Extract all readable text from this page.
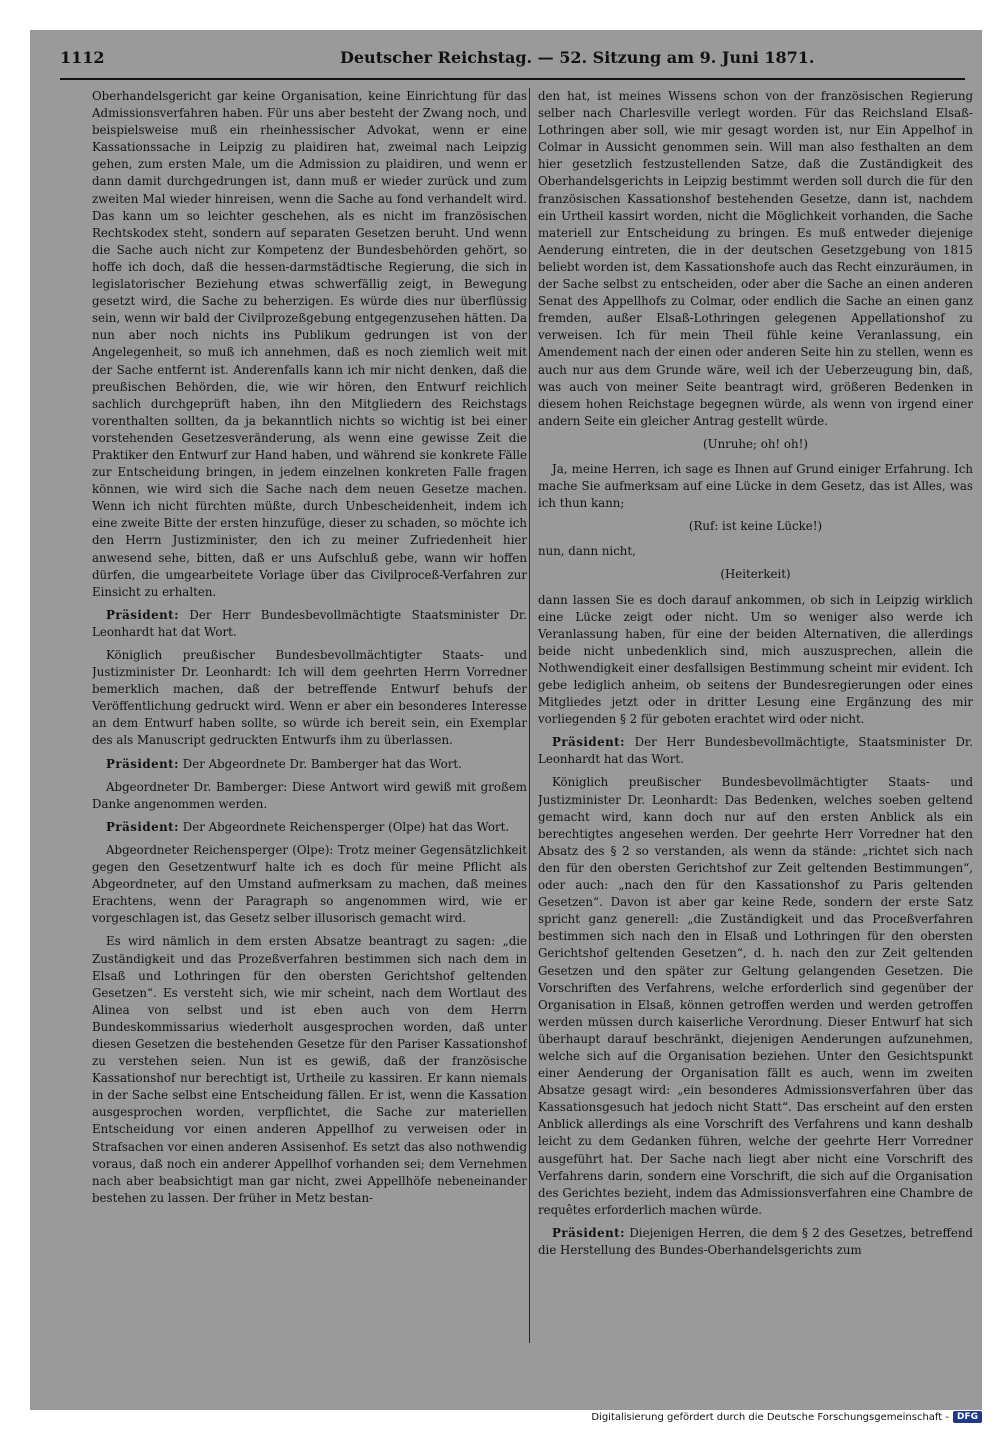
1112	Deutscher Reichstag. — 52. Sitzung am 9. Juni 1871.

Oberhandelsgericht gar keine Organisation, keine Einrichtung für das Admissionsverfahren haben. Für uns aber besteht der Zwang noch, und beispielsweise muß ein rheinhessischer Advokat, wenn er eine Kassationssache in Leipzig zu plaidiren hat, zweimal nach Leipzig gehen, zum ersten Male, um die Admission zu plaidiren, und wenn er dann damit durchgedrungen ist, dann muß er wieder zurück und zum zweiten Mal wieder hinreisen, wenn die Sache au fond verhandelt wird. Das kann um so leichter geschehen, als es nicht im französischen Rechtskodex steht, sondern auf separaten Gesetzen beruht. Und wenn die Sache auch nicht zur Kompetenz der Bundesbehörden gehört, so hoffe ich doch, daß die hessen-darmstädtische Regierung, die sich in legislatorischer Beziehung etwas schwerfällig zeigt, in Bewegung gesetzt wird, die Sache zu beherzigen. Es würde dies nur überflüssig sein, wenn wir bald der Civilprozeßgebung entgegenzusehen hätten. Da nun aber noch nichts ins Publikum gedrungen ist von der Angelegenheit, so muß ich annehmen, daß es noch ziemlich weit mit der Sache entfernt ist. Anderenfalls kann ich mir nicht denken, daß die preußischen Behörden, die, wie wir hören, den Entwurf reichlich sachlich durchgeprüft haben, ihn den Mitgliedern des Reichstags vorenthalten sollten, da ja bekanntlich nichts so wichtig ist bei einer vorstehenden Gesetzesveränderung, als wenn eine gewisse Zeit die Praktiker den Entwurf zur Hand haben, und während sie konkrete Fälle zur Entscheidung bringen, in jedem einzelnen konkreten Falle fragen können, wie wird sich die Sache nach dem neuen Gesetze machen. Wenn ich nicht fürchten müßte, durch Unbescheidenheit, indem ich eine zweite Bitte der ersten hinzufüge, dieser zu schaden, so möchte ich den Herrn Justizminister, den ich zu meiner Zufriedenheit hier anwesend sehe, bitten, daß er uns Aufschluß gebe, wann wir hoffen dürfen, die umgearbeitete Vorlage über das Civilproceß-Verfahren zur Einsicht zu erhalten.

Präsident: Der Herr Bundesbevollmächtigte Staatsminister Dr. Leonhardt hat dat Wort.

Königlich preußischer Bundesbevollmächtigter Staats- und Justizminister Dr. Leonhardt: Ich will dem geehrten Herrn Vorredner bemerklich machen, daß der betreffende Entwurf behufs der Veröffentlichung gedruckt wird. Wenn er aber ein besonderes Interesse an dem Entwurf haben sollte, so würde ich bereit sein, ein Exemplar des als Manuscript gedruckten Entwurfs ihm zu überlassen.

Präsident: Der Abgeordnete Dr. Bamberger hat das Wort.

Abgeordneter Dr. Bamberger: Diese Antwort wird gewiß mit großem Danke angenommen werden.

Präsident: Der Abgeordnete Reichensperger (Olpe) hat das Wort.

Abgeordneter Reichensperger (Olpe): Trotz meiner Gegensätzlichkeit gegen den Gesetzentwurf halte ich es doch für meine Pflicht als Abgeordneter, auf den Umstand aufmerksam zu machen, daß meines Erachtens, wenn der Paragraph so angenommen wird, wie er vorgeschlagen ist, das Gesetz selber illusorisch gemacht wird.

Es wird nämlich in dem ersten Absatze beantragt zu sagen: „die Zuständigkeit und das Prozeßverfahren bestimmen sich nach dem in Elsaß und Lothringen für den obersten Gerichtshof geltenden Gesetzen“. Es versteht sich, wie mir scheint, nach dem Wortlaut des Alinea von selbst und ist eben auch von dem Herrn Bundeskommissarius wiederholt ausgesprochen worden, daß unter diesen Gesetzen die bestehenden Gesetze für den Pariser Kassationshof zu verstehen seien. Nun ist es gewiß, daß der französische Kassationshof nur berechtigt ist, Urtheile zu kassiren. Er kann niemals in der Sache selbst eine Entscheidung fällen. Er ist, wenn die Kassation ausgesprochen worden, verpflichtet, die Sache zur materiellen Entscheidung vor einen anderen Appellhof zu verweisen oder in Strafsachen vor einen anderen Assisenhof. Es setzt das also nothwendig voraus, daß noch ein anderer Appellhof vorhanden sei; dem Vernehmen nach aber beabsichtigt man gar nicht, zwei Appellhöfe nebeneinander bestehen zu lassen. Der früher in Metz bestan-

den hat, ist meines Wissens schon von der französischen Regierung selber nach Charlesville verlegt worden. Für das Reichsland Elsaß-Lothringen aber soll, wie mir gesagt worden ist, nur Ein Appelhof in Colmar in Aussicht genommen sein. Will man also festhalten an dem hier gesetzlich festzustellenden Satze, daß die Zuständigkeit des Oberhandelsgerichts in Leipzig bestimmt werden soll durch die für den französischen Kassationshof bestehenden Gesetze, dann ist, nachdem ein Urtheil kassirt worden, nicht die Möglichkeit vorhanden, die Sache materiell zur Entscheidung zu bringen. Es muß entweder diejenige Aenderung eintreten, die in der deutschen Gesetzgebung von 1815 beliebt worden ist, dem Kassationshofe auch das Recht einzuräumen, in der Sache selbst zu entscheiden, oder aber die Sache an einen anderen Senat des Appellhofs zu Colmar, oder endlich die Sache an einen ganz fremden, außer Elsaß-Lothringen gelegenen Appellationshof zu verweisen. Ich für mein Theil fühle keine Veranlassung, ein Amendement nach der einen oder anderen Seite hin zu stellen, wenn es auch nur aus dem Grunde wäre, weil ich der Ueberzeugung bin, daß, was auch von meiner Seite beantragt wird, größeren Bedenken in diesem hohen Reichstage begegnen würde, als wenn von irgend einer andern Seite ein gleicher Antrag gestellt würde.

(Unruhe; oh! oh!)

Ja, meine Herren, ich sage es Ihnen auf Grund einiger Erfahrung. Ich mache Sie aufmerksam auf eine Lücke in dem Gesetz, das ist Alles, was ich thun kann;

(Ruf: ist keine Lücke!)

nun, dann nicht,

(Heiterkeit)

dann lassen Sie es doch darauf ankommen, ob sich in Leipzig wirklich eine Lücke zeigt oder nicht. Um so weniger also werde ich Veranlassung haben, für eine der beiden Alternativen, die allerdings beide nicht unbedenklich sind, mich auszusprechen, allein die Nothwendigkeit einer desfallsigen Bestimmung scheint mir evident. Ich gebe lediglich anheim, ob seitens der Bundesregierungen oder eines Mitgliedes jetzt oder in dritter Lesung eine Ergänzung des mir vorliegenden § 2 für geboten erachtet wird oder nicht.

Präsident: Der Herr Bundesbevollmächtigte, Staatsminister Dr. Leonhardt hat das Wort.

Königlich preußischer Bundesbevollmächtigter Staats- und Justizminister Dr. Leonhardt: Das Bedenken, welches soeben geltend gemacht wird, kann doch nur auf den ersten Anblick als ein berechtigtes angesehen werden. Der geehrte Herr Vorredner hat den Absatz des § 2 so verstanden, als wenn da stände: „richtet sich nach den für den obersten Gerichtshof zur Zeit geltenden Bestimmungen“, oder auch: „nach den für den Kassationshof zu Paris geltenden Gesetzen“. Davon ist aber gar keine Rede, sondern der erste Satz spricht ganz generell: „die Zuständigkeit und das Proceßverfahren bestimmen sich nach den in Elsaß und Lothringen für den obersten Gerichtshof geltenden Gesetzen“, d. h. nach den zur Zeit geltenden Gesetzen und den später zur Geltung gelangenden Gesetzen. Die Vorschriften des Verfahrens, welche erforderlich sind gegenüber der Organisation in Elsaß, können getroffen werden und werden getroffen werden müssen durch kaiserliche Verordnung. Dieser Entwurf hat sich überhaupt darauf beschränkt, diejenigen Aenderungen aufzunehmen, welche sich auf die Organisation beziehen. Unter den Gesichtspunkt einer Aenderung der Organisation fällt es auch, wenn im zweiten Absatze gesagt wird: „ein besonderes Admissionsverfahren über das Kassationsgesuch hat jedoch nicht Statt“. Das erscheint auf den ersten Anblick allerdings als eine Vorschrift des Verfahrens und kann deshalb leicht zu dem Gedanken führen, welche der geehrte Herr Vorredner ausgeführt hat. Der Sache nach liegt aber nicht eine Vorschrift des Verfahrens darin, sondern eine Vorschrift, die sich auf die Organisation des Gerichtes bezieht, indem das Admissionsverfahren eine Chambre de requêtes erforderlich machen würde.

Präsident: Diejenigen Herren, die dem § 2 des Gesetzes, betreffend die Herstellung des Bundes-Oberhandelsgerichts zum

Digitalisierung gefördert durch die Deutsche Forschungsgemeinschaft - DFG
